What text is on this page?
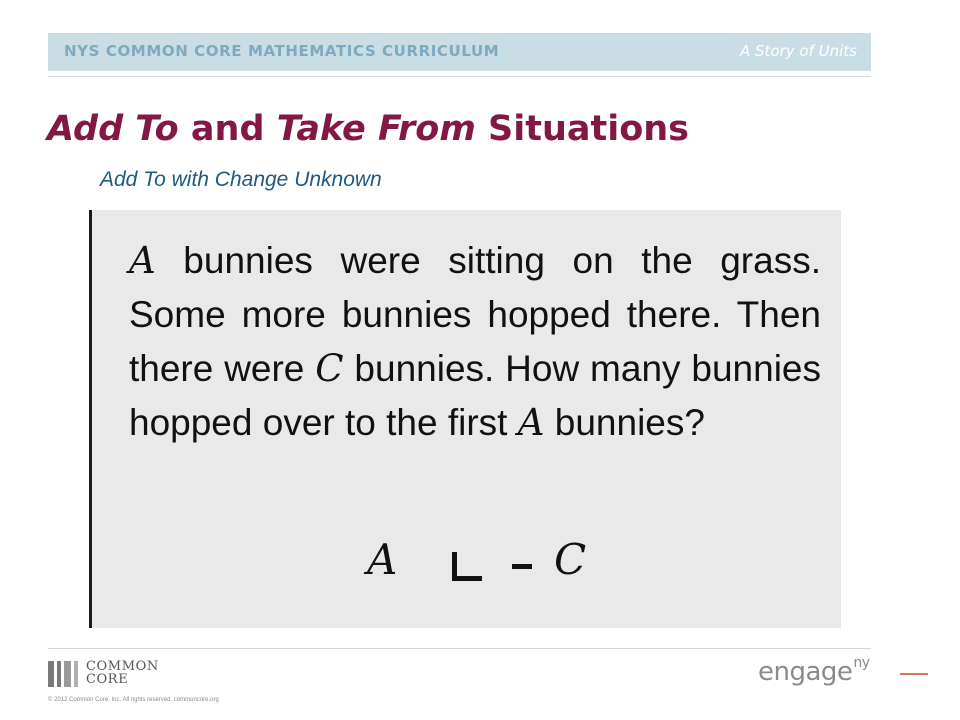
NYS COMMON CORE MATHEMATICS CURRICULUM	A Story of Units
Add To and Take From Situations
Add To with Change Unknown
A bunnies were sitting on the grass. Some more bunnies hopped there. Then there were C bunnies. How many bunnies hopped over to the first A bunnies?
A	C
COMMON
CORE
© 2012 Common Core, Inc. All rights reserved. commoncore.org
engage$^{ny}$
